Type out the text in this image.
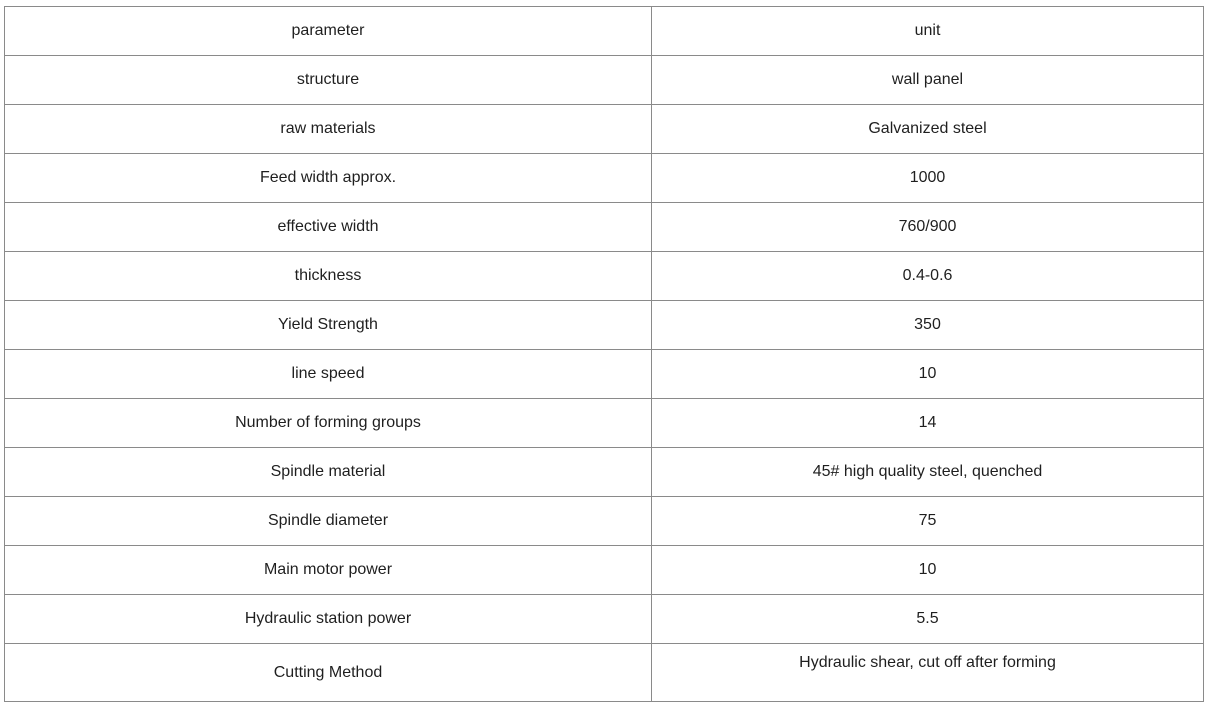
parameter	unit
structure	wall panel
raw materials	Galvanized steel
Feed width approx.	1000
effective width	760/900
thickness	0.4-0.6
Yield Strength	350
line speed	10
Number of forming groups	14
Spindle material	45# high quality steel, quenched
Spindle diameter	75
Main motor power	10
Hydraulic station power	5.5
Cutting Method	Hydraulic shear, cut off after forming
